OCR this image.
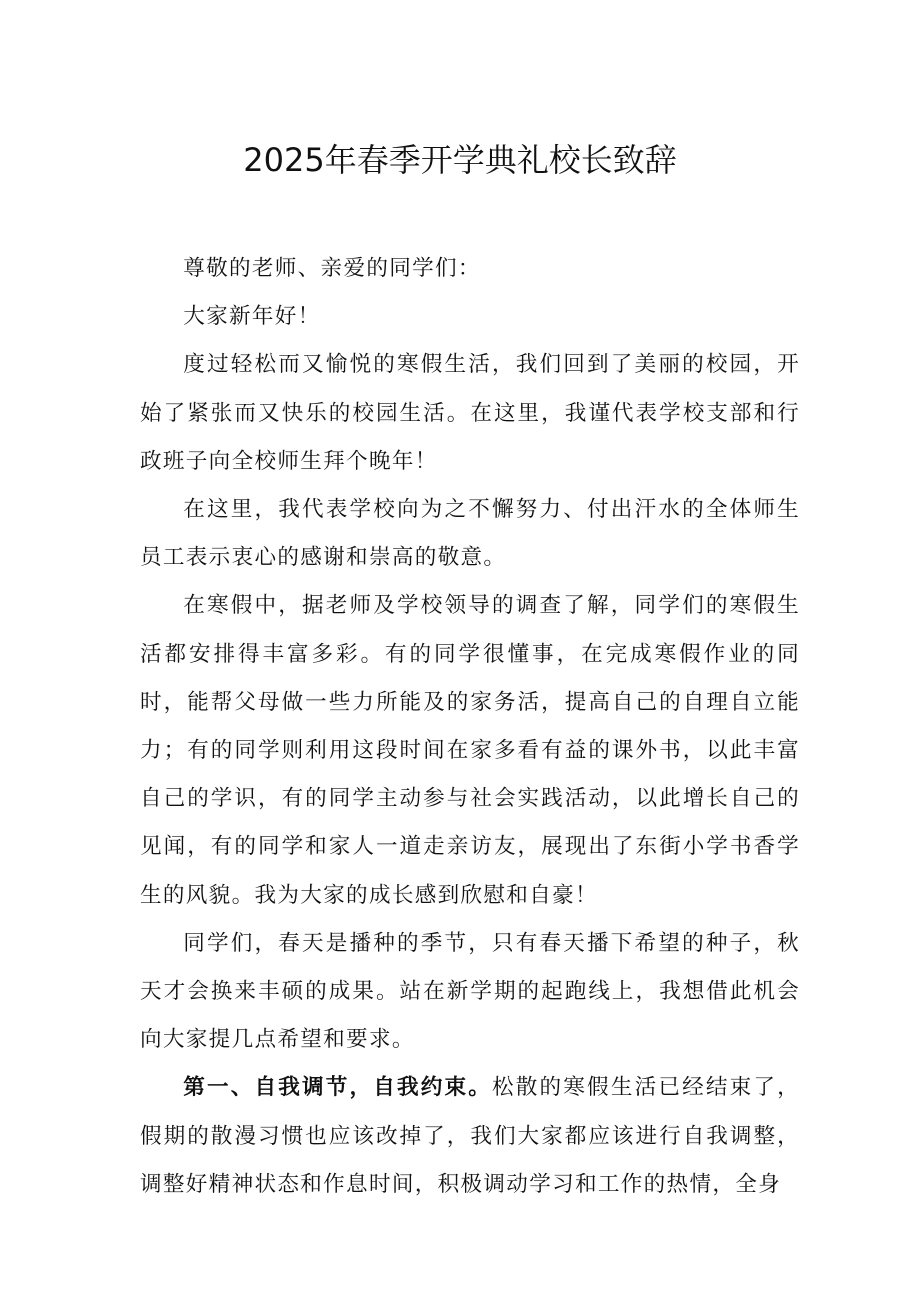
2025年春季开学典礼校长致辞

尊敬的老师、亲爱的同学们：

大家新年好！

度过轻松而又愉悦的寒假生活，我们回到了美丽的校园，开始了紧张而又快乐的校园生活。在这里，我谨代表学校支部和行政班子向全校师生拜个晚年！

在这里，我代表学校向为之不懈努力、付出汗水的全体师生员工表示衷心的感谢和崇高的敬意。

在寒假中，据老师及学校领导的调查了解，同学们的寒假生活都安排得丰富多彩。有的同学很懂事，在完成寒假作业的同时，能帮父母做一些力所能及的家务活，提高自己的自理自立能力；有的同学则利用这段时间在家多看有益的课外书，以此丰富自己的学识，有的同学主动参与社会实践活动，以此增长自己的见闻，有的同学和家人一道走亲访友，展现出了东街小学书香学生的风貌。我为大家的成长感到欣慰和自豪！

同学们，春天是播种的季节，只有春天播下希望的种子，秋天才会换来丰硕的成果。站在新学期的起跑线上，我想借此机会向大家提几点希望和要求。

第一、自我调节，自我约束。松散的寒假生活已经结束了，假期的散漫习惯也应该改掉了，我们大家都应该进行自我调整，调整好精神状态和作息时间，积极调动学习和工作的热情，全身
